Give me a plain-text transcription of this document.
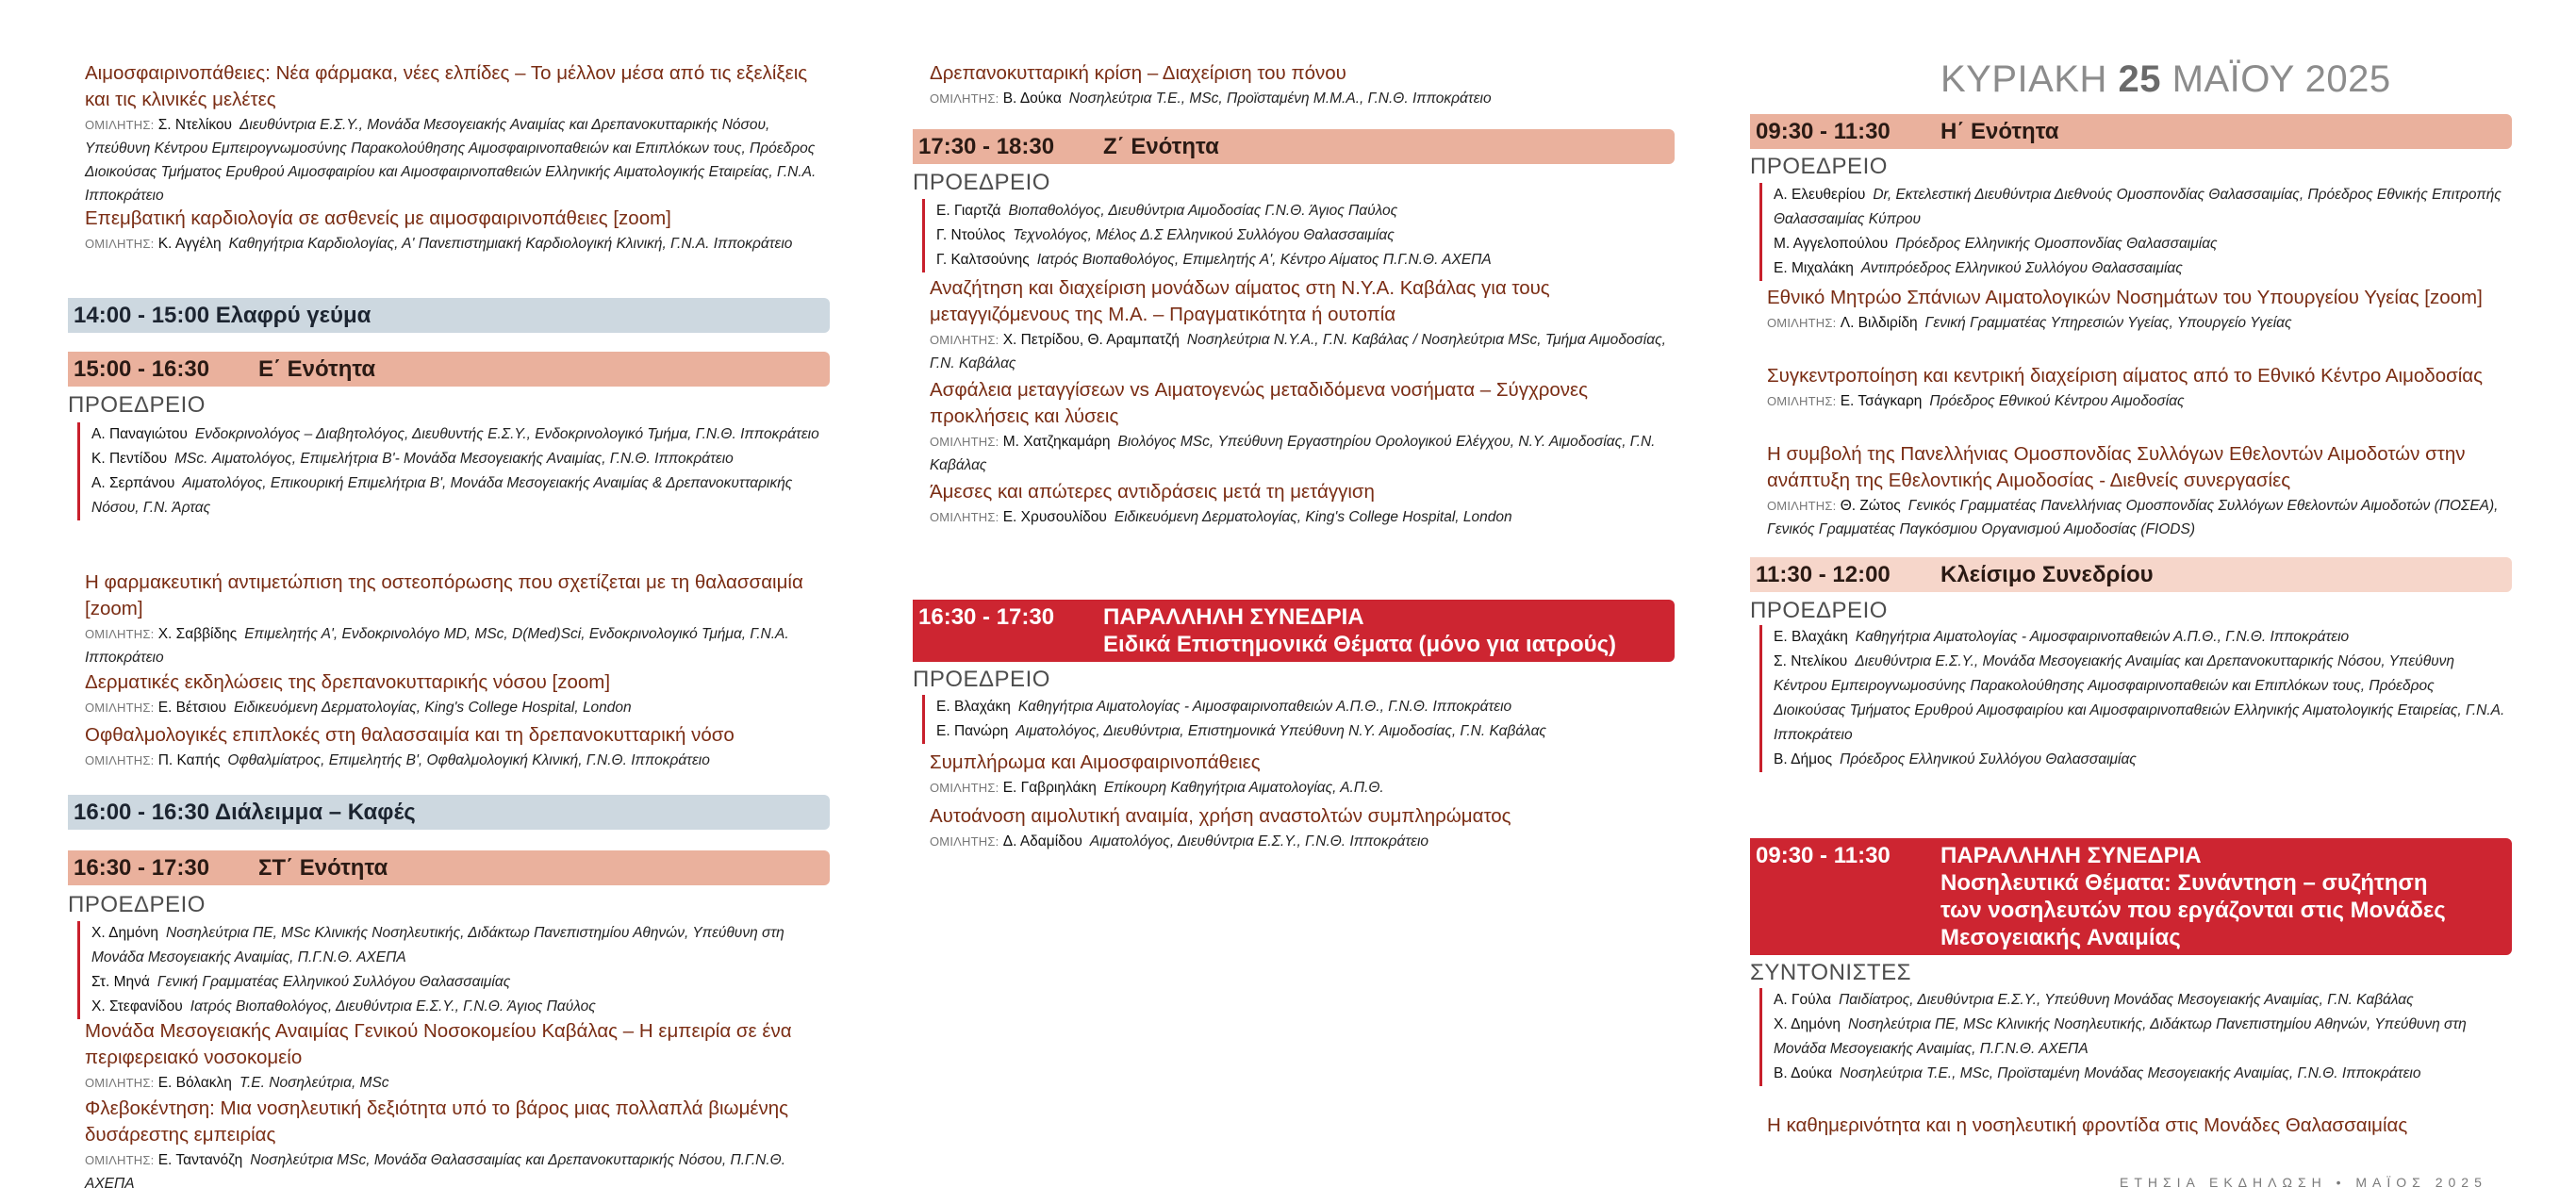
Αιμοσφαιρινοπάθειες: Νέα φάρμακα, νέες ελπίδες – Το μέλλον μέσα από τις εξελίξεις και τις κλινικές μελέτες
ΟΜΙΛΗΤΗΣ: Σ. Ντελίκου Διευθύντρια Ε.Σ.Υ., Μονάδα Μεσογειακής Αναιμίας και Δρεπανοκυτταρικής Νόσου, Υπεύθυνη Κέντρου Εμπειρογνωμοσύνης Παρακολούθησης Αιμοσφαιρινοπαθειών και Επιπλόκων τους, Πρόεδρος Διοικούσας Τμήματος Ερυθρού Αιμοσφαιρίου και Αιμοσφαιρινοπαθειών Ελληνικής Αιματολογικής Εταιρείας, Γ.Ν.Α. Ιπποκράτειο
Επεμβατική καρδιολογία σε ασθενείς με αιμοσφαιρινοπάθειες [zoom]
ΟΜΙΛΗΤΗΣ: Κ. Αγγέλη Καθηγήτρια Καρδιολογίας, Α' Πανεπιστημιακή Καρδιολογική Κλινική, Γ.Ν.Α. Ιπποκράτειο
14:00 - 15:00 Ελαφρύ γεύμα
15:00 - 16:30	Ε΄ Ενότητα
ΠΡΟΕΔΡΕΙΟ
Α. Παναγιώτου Ενδοκρινολόγος – Διαβητολόγος, Διευθυντής Ε.Σ.Υ., Ενδοκρινολογικό Τμήμα, Γ.Ν.Θ. Ιπποκράτειο
Κ. Πεντίδου MSc. Αιματολόγος, Επιμελήτρια Β'- Μονάδα Μεσογειακής Αναιμίας, Γ.Ν.Θ. Ιπποκράτειο
Α. Σερπάνου Αιματολόγος, Επικουρική Επιμελήτρια Β', Μονάδα Μεσογειακής Αναιμίας & Δρεπανοκυτταρικής Νόσου, Γ.Ν. Άρτας
Η φαρμακευτική αντιμετώπιση της οστεοπόρωσης που σχετίζεται με τη θαλασσαιμία [zoom]
ΟΜΙΛΗΤΗΣ: Χ. Σαββίδης Επιμελητής Α', Ενδοκρινολόγο MD, MSc, D(Med)Sci, Ενδοκρινολογικό Τμήμα, Γ.Ν.Α. Ιπποκράτειο
Δερματικές εκδηλώσεις της δρεπανοκυτταρικής νόσου [zoom]
ΟΜΙΛΗΤΗΣ: Ε. Βέτσιου Ειδικευόμενη Δερματολογίας, King's College Hospital, London
Οφθαλμολογικές επιπλοκές στη θαλασσαιμία και τη δρεπανοκυτταρική νόσο
ΟΜΙΛΗΤΗΣ: Π. Καπής Οφθαλμίατρος, Επιμελητής Β', Οφθαλμολογική Κλινική, Γ.Ν.Θ. Ιπποκράτειο
16:00 - 16:30 Διάλειμμα – Καφές
16:30 - 17:30	ΣΤ΄ Ενότητα
ΠΡΟΕΔΡΕΙΟ
Χ. Δημόνη Νοσηλεύτρια ΠΕ, MSc Κλινικής Νοσηλευτικής, Διδάκτωρ Πανεπιστημίου Αθηνών, Υπεύθυνη στη Μονάδα Μεσογειακής Αναιμίας, Π.Γ.Ν.Θ. ΑΧΕΠΑ
Στ. Μηνά Γενική Γραμματέας Ελληνικού Συλλόγου Θαλασσαιμίας
Χ. Στεφανίδου Ιατρός Βιοπαθολόγος, Διευθύντρια Ε.Σ.Υ., Γ.Ν.Θ. Άγιος Παύλος
Μονάδα Μεσογειακής Αναιμίας Γενικού Νοσοκομείου Καβάλας – Η εμπειρία σε ένα περιφερειακό νοσοκομείο
ΟΜΙΛΗΤΗΣ: Ε. Βόλακλη Τ.Ε. Νοσηλεύτρια, MSc
Φλεβοκέντηση: Μια νοσηλευτική δεξιότητα υπό το βάρος μιας πολλαπλά βιωμένης δυσάρεστης εμπειρίας
ΟΜΙΛΗΤΗΣ: Ε. Ταντανόζη Νοσηλεύτρια MSc, Μονάδα Θαλασσαιμίας και Δρεπανοκυτταρικής Νόσου, Π.Γ.Ν.Θ. ΑΧΕΠΑ
Δρεπανοκυτταρική κρίση – Διαχείριση του πόνου
ΟΜΙΛΗΤΗΣ: Β. Δούκα Νοσηλεύτρια Τ.Ε., MSc, Προϊσταμένη Μ.Μ.Α., Γ.Ν.Θ. Ιπποκράτειο
17:30 - 18:30	Ζ΄ Ενότητα
ΠΡΟΕΔΡΕΙΟ
Ε. Γιαρτζά Βιοπαθολόγος, Διευθύντρια Αιμοδοσίας Γ.Ν.Θ. Άγιος Παύλος
Γ. Ντούλος Τεχνολόγος, Μέλος Δ.Σ Ελληνικού Συλλόγου Θαλασσαιμίας
Γ. Καλτσούνης Ιατρός Βιοπαθολόγος, Επιμελητής Α', Κέντρο Αίματος Π.Γ.Ν.Θ. ΑΧΕΠΑ
Αναζήτηση και διαχείριση μονάδων αίματος στη Ν.Υ.Α. Καβάλας για τους μεταγγιζόμενους της Μ.Α. – Πραγματικότητα ή ουτοπία
ΟΜΙΛΗΤΗΣ: Χ. Πετρίδου, Θ. Αραμπατζή Νοσηλεύτρια Ν.Υ.Α., Γ.Ν. Καβάλας / Νοσηλεύτρια MSc, Τμήμα Αιμοδοσίας, Γ.Ν. Καβάλας
Ασφάλεια μεταγγίσεων vs Αιματογενώς μεταδιδόμενα νοσήματα – Σύγχρονες προκλήσεις και λύσεις
ΟΜΙΛΗΤΗΣ: Μ. Χατζηκαμάρη Βιολόγος MSc, Υπεύθυνη Εργαστηρίου Ορολογικού Ελέγχου, Ν.Υ. Αιμοδοσίας, Γ.Ν. Καβάλας
Άμεσες και απώτερες αντιδράσεις μετά τη μετάγγιση
ΟΜΙΛΗΤΗΣ: Ε. Χρυσουλίδου Ειδικευόμενη Δερματολογίας, King's College Hospital, London
16:30 - 17:30	ΠΑΡΑΛΛΗΛΗ ΣΥΝΕΔΡΙΑ
Ειδικά Επιστημονικά Θέματα (μόνο για ιατρούς)
ΠΡΟΕΔΡΕΙΟ
Ε. Βλαχάκη Καθηγήτρια Αιματολογίας - Αιμοσφαιρινοπαθειών Α.Π.Θ., Γ.Ν.Θ. Ιπποκράτειο
Ε. Πανώρη Αιματολόγος, Διευθύντρια, Επιστημονικά Υπεύθυνη Ν.Υ. Αιμοδοσίας, Γ.Ν. Καβάλας
Συμπλήρωμα και Αιμοσφαιρινοπάθειες
ΟΜΙΛΗΤΗΣ: Ε. Γαβριηλάκη Επίκουρη Καθηγήτρια Αιματολογίας, Α.Π.Θ.
Αυτοάνοση αιμολυτική αναιμία, χρήση αναστολτών συμπληρώματος
ΟΜΙΛΗΤΗΣ: Δ. Αδαμίδου Αιματολόγος, Διευθύντρια Ε.Σ.Υ., Γ.Ν.Θ. Ιπποκράτειο
ΚΥΡΙΑΚΗ 25 ΜΑΪΟΥ 2025
09:30 - 11:30	Η΄ Ενότητα
ΠΡΟΕΔΡΕΙΟ
Α. Ελευθερίου Dr, Εκτελεστική Διευθύντρια Διεθνούς Ομοσπονδίας Θαλασσαιμίας, Πρόεδρος Εθνικής Επιτροπής Θαλασσαιμίας Κύπρου
Μ. Αγγελοπούλου Πρόεδρος Ελληνικής Ομοσπονδίας Θαλασσαιμίας
Ε. Μιχαλάκη Αντιπρόεδρος Ελληνικού Συλλόγου Θαλασσαιμίας
Εθνικό Μητρώο Σπάνιων Αιματολογικών Νοσημάτων του Υπουργείου Υγείας [zoom]
ΟΜΙΛΗΤΗΣ: Λ. Βιλδιρίδη Γενική Γραμματέας Υπηρεσιών Υγείας, Υπουργείο Υγείας
Συγκεντροποίηση και κεντρική διαχείριση αίματος από το Εθνικό Κέντρο Αιμοδοσίας
ΟΜΙΛΗΤΗΣ: Ε. Τσάγκαρη Πρόεδρος Εθνικού Κέντρου Αιμοδοσίας
Η συμβολή της Πανελλήνιας Ομοσπονδίας Συλλόγων Εθελοντών Αιμοδοτών στην ανάπτυξη της Εθελοντικής Αιμοδοσίας - Διεθνείς συνεργασίες
ΟΜΙΛΗΤΗΣ: Θ. Ζώτος Γενικός Γραμματέας Πανελλήνιας Ομοσπονδίας Συλλόγων Εθελοντών Αιμοδοτών (ΠΟΣΕΑ), Γενικός Γραμματέας Παγκόσμιου Οργανισμού Αιμοδοσίας (FIODS)
11:30 - 12:00	Κλείσιμο Συνεδρίου
ΠΡΟΕΔΡΕΙΟ
Ε. Βλαχάκη Καθηγήτρια Αιματολογίας - Αιμοσφαιρινοπαθειών Α.Π.Θ., Γ.Ν.Θ. Ιπποκράτειο
Σ. Ντελίκου Διευθύντρια Ε.Σ.Υ., Μονάδα Μεσογειακής Αναιμίας και Δρεπανοκυτταρικής Νόσου, Υπεύθυνη Κέντρου Εμπειρογνωμοσύνης Παρακολούθησης Αιμοσφαιρινοπαθειών και Επιπλόκων τους, Πρόεδρος Διοικούσας Τμήματος Ερυθρού Αιμοσφαιρίου και Αιμοσφαιρινοπαθειών Ελληνικής Αιματολογικής Εταιρείας, Γ.Ν.Α. Ιπποκράτειο
Β. Δήμος Πρόεδρος Ελληνικού Συλλόγου Θαλασσαιμίας
09:30 - 11:30	ΠΑΡΑΛΛΗΛΗ ΣΥΝΕΔΡΙΑ
Νοσηλευτικά Θέματα: Συνάντηση – συζήτηση
των νοσηλευτών που εργάζονται στις Μονάδες
Μεσογειακής Αναιμίας
ΣΥΝΤΟΝΙΣΤΕΣ
Α. Γούλα Παιδίατρος, Διευθύντρια Ε.Σ.Υ., Υπεύθυνη Μονάδας Μεσογειακής Αναιμίας, Γ.Ν. Καβάλας
Χ. Δημόνη Νοσηλεύτρια ΠΕ, MSc Κλινικής Νοσηλευτικής, Διδάκτωρ Πανεπιστημίου Αθηνών, Υπεύθυνη στη Μονάδα Μεσογειακής Αναιμίας, Π.Γ.Ν.Θ. ΑΧΕΠΑ
Β. Δούκα Νοσηλεύτρια Τ.Ε., MSc, Προϊσταμένη Μονάδας Μεσογειακής Αναιμίας, Γ.Ν.Θ. Ιπποκράτειο
Η καθημερινότητα και η νοσηλευτική φροντίδα στις Μονάδες Θαλασσαιμίας
ΕΤΗΣΙΑ ΕΚΔΗΛΩΣΗ • ΜΑΪΟΣ 2025
